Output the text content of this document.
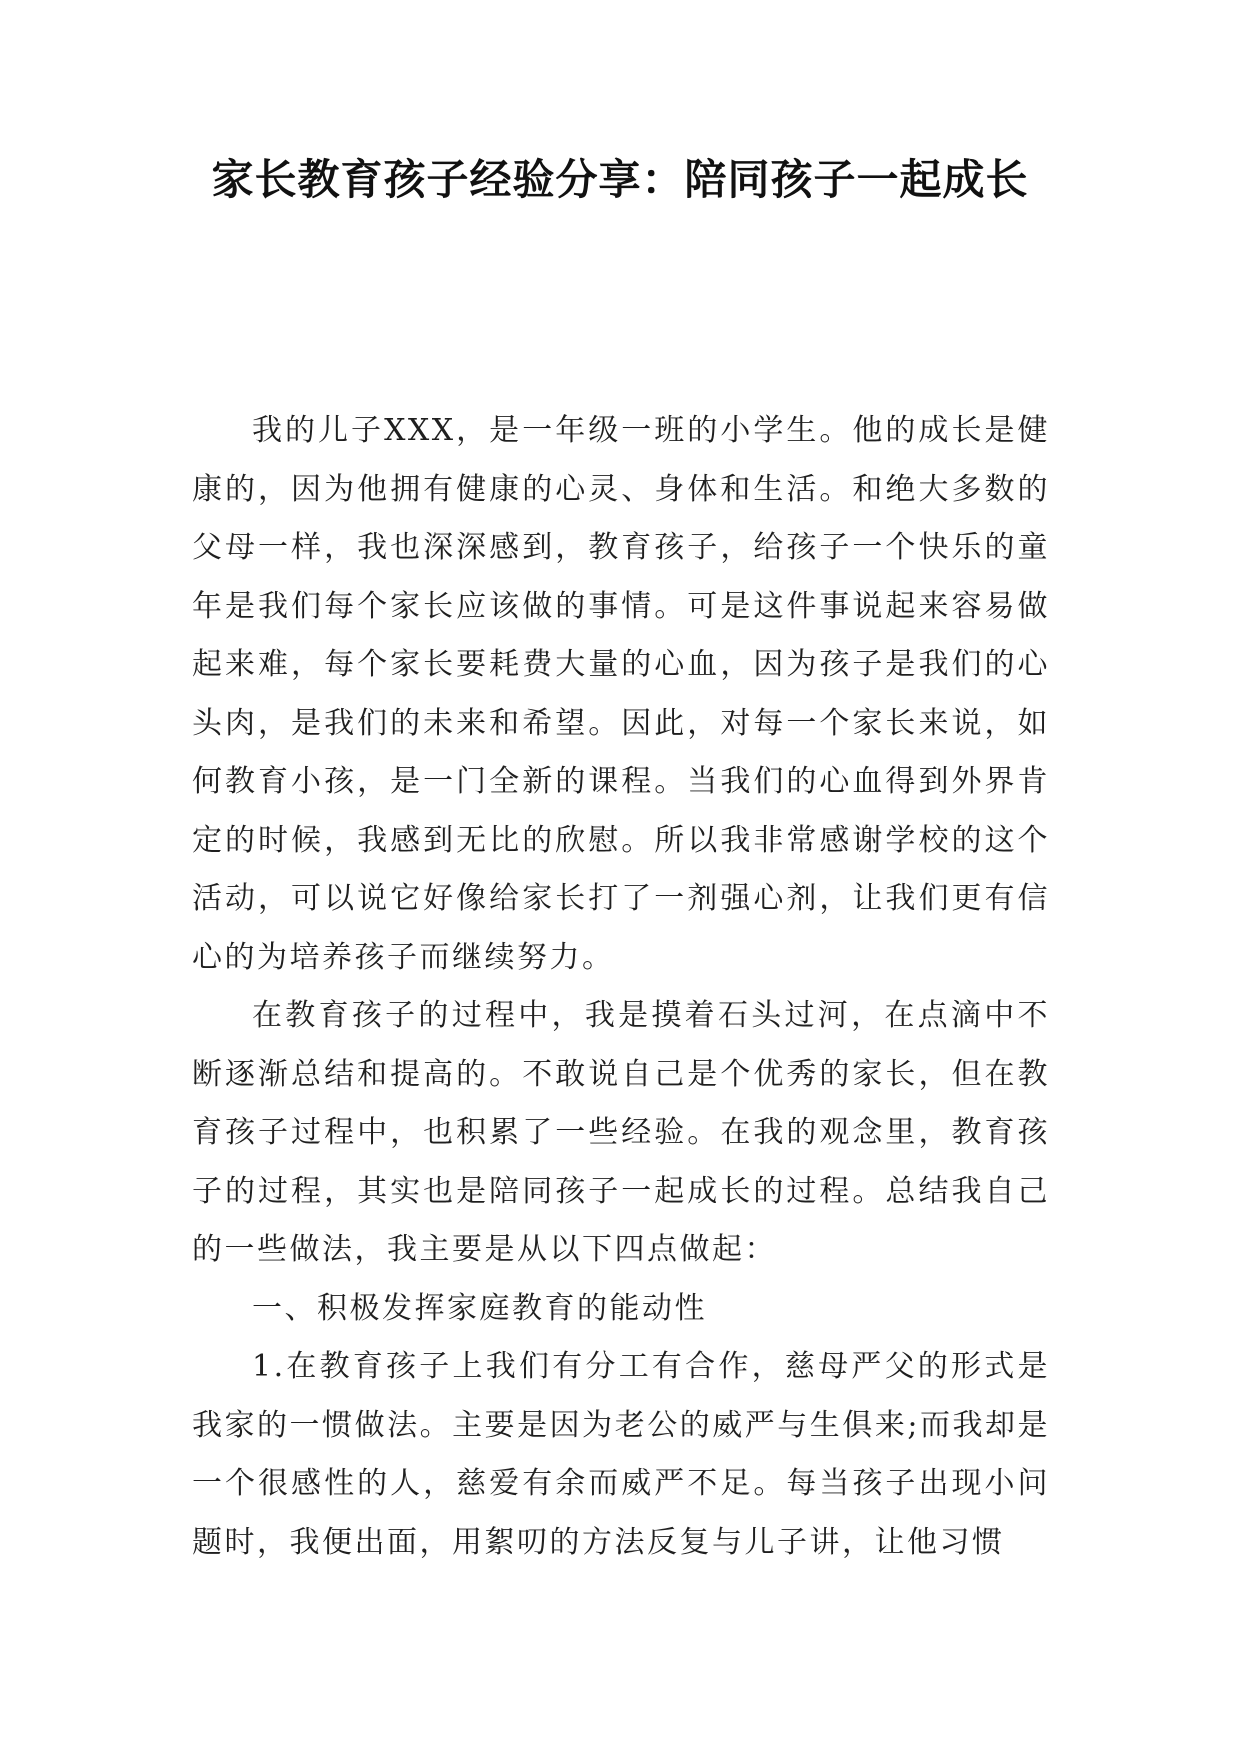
家长教育孩子经验分享：陪同孩子一起成长

我的儿子XXX，是一年级一班的小学生。他的成长是健康的，因为他拥有健康的心灵、身体和生活。和绝大多数的父母一样，我也深深感到，教育孩子，给孩子一个快乐的童年是我们每个家长应该做的事情。可是这件事说起来容易做起来难，每个家长要耗费大量的心血，因为孩子是我们的心头肉，是我们的未来和希望。因此，对每一个家长来说，如何教育小孩，是一门全新的课程。当我们的心血得到外界肯定的时候，我感到无比的欣慰。所以我非常感谢学校的这个活动，可以说它好像给家长打了一剂强心剂，让我们更有信心的为培养孩子而继续努力。

在教育孩子的过程中，我是摸着石头过河，在点滴中不断逐渐总结和提高的。不敢说自己是个优秀的家长，但在教育孩子过程中，也积累了一些经验。在我的观念里，教育孩子的过程，其实也是陪同孩子一起成长的过程。总结我自己的一些做法，我主要是从以下四点做起：

一、积极发挥家庭教育的能动性

1.在教育孩子上我们有分工有合作，慈母严父的形式是我家的一惯做法。主要是因为老公的威严与生俱来;而我却是一个很感性的人，慈爱有余而威严不足。每当孩子出现小问题时，我便出面，用絮叨的方法反复与儿子讲，让他习惯
